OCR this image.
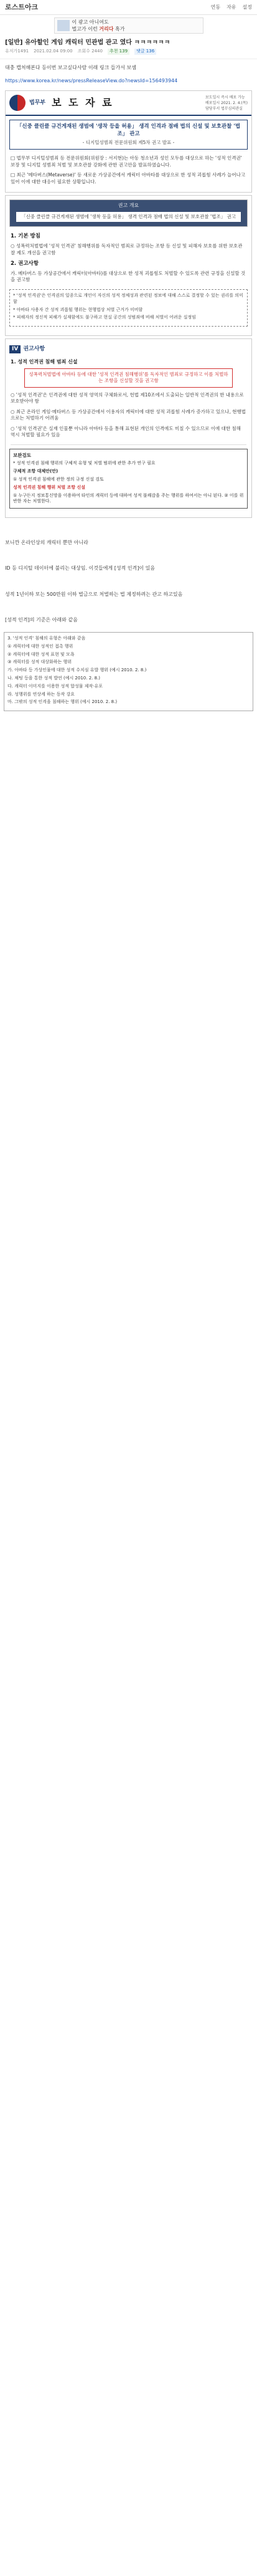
로스트아크	연동 자유 설정
이 광고 아니여도
벌고가 이런 거리다 혹가
[일반] 유아할인 게임 캐릭터 민관법 관고 였다 ㅋㅋㅋㅋㅋㅋ
유저가1491 2021.02.04 09:00 조회수 2440	추천 139	댓글 136
대충 캡처해본다 등이번 보고싶다사람 이래 링크 들가서 보셈
https://www.korea.kr/news/pressReleaseView.do?newsId=156493944
법무부 보 도 자 료	보도일시 즉시 배포 가능
배포일시 2021. 2. 4.(목)
담당부서 법무심의관실
「신중 클린클 규건게재된 생범에 '생착 등을 허용」 생격 인격과 점배 법의 신설 및 보호관찰 '법조」 관고
- 디지털성범죄 전문위원회 제5차 권고 발표 -
□ 법무부 디지털성범죄 등 전문위원회(위원장 : 서지현)는 아동 청소년과 성인 모두를 대상으로 하는 '성적 인격권' 보장 및 디지털 성범죄 처벌 및 보호관찰 강화에 관한 권고안을 발표하였습니다.
□ 최근 '메타버스(Metaverse)' 등 새로운 가상공간에서 캐릭터 아바타를 대상으로 한 성적 괴롭힘 사례가 늘어나고 있어 이에 대한 대응이 필요한 상황입니다.
권고 개요
「신중 클린클 규건게재된 생범에 '생착 등을 허용」 생격 인격과 점배 법의 신설 및 보호관찰 '법조」 권고
1. 기본 방침
○ 성폭력처벌법에 '성적 인격권' 침해행위를 독자적인 범죄로 규정하는 조항 등 신설 및 피해자 보호를 위한 보호관찰 제도 개선을 권고함
2. 권고사항
가. 메타버스 등 가상공간에서 캐릭터(아바타)를 대상으로 한 성적 괴롭힘도 처벌할 수 있도록 관련 규정을 신설할 것을 권고함

* '성적 인격권'은 인격권의 일종으로 개인이 자신의 성적 정체성과 관련된 정보에 대해 스스로 결정할 수 있는 권리를 의미함

* 아바타 사용자 간 성적 괴롭힘 행위는 현행법상 처벌 근거가 미비함

* 피해자의 정신적 피해가 실재함에도 불구하고 현실 공간의 성범죄에 비해 처벌이 어려운 실정임

IV 권고사항
1. 성적 인격권 침해 범죄 신설
성폭력처벌법에 아바타 등에 대한 '성적 인격권 침해행위'를 독자적인 범죄로 규정하고 이를 처벌하는 조항을 신설할 것을 권고함
○ '성적 인격권'은 인격권에 대한 성적 영역의 구체화로서, 헌법 제10조에서 도출되는 일반적 인격권의 한 내용으로 보호받아야 함
○ 최근 온라인 게임·메타버스 등 가상공간에서 이용자의 캐릭터에 대한 성적 괴롭힘 사례가 증가하고 있으나, 현행법으로는 처벌하기 어려움
○ '성적 인격권'은 실재 인물뿐 아니라 아바타 등을 통해 표현된 개인의 인격에도 미칠 수 있으므로 이에 대한 침해 역시 처벌할 필요가 있음
보완검토
* 성적 인격권 침해 행위의 구체적 유형 및 처벌 범위에 관한 추가 연구 필요
구체적 조항 대체안(안)
① 성적 인격권 침해에 관한 정의 규정 신설 검토
성적 인격권 침해 행위 처벌 조항 신설
① 누구든지 정보통신망을 이용하여 타인의 캐릭터 등에 대하여 성적 불쾌감을 주는 행위를 하여서는 아니 된다. ② 이를 위반한 자는 처벌한다.
보니깐 온라인상의 캐릭터 뿐만 아니라
ID 등 디지털 데이터에 불리는 대상임. 이것들에게 [성적 인격]이 있음
성적 1년이하 또는 500만원 이하 벌금으로 처벌하는 법 제정하려는 관고 하고있음
[성적 인격]의 기준은 아래와 같음

3. '성적 인격' 침해의 유형은 아래와 같음

① 캐릭터에 대한 성적인 접촉 행위

② 캐릭터에 대한 성적 표현 및 모욕

③ 캐릭터를 성적 대상화하는 행위

가. 아바타 등 가상인물에 대한 성적 수치심 유발 행위 (예시 2010. 2. 8.)

나. 채팅 등을 통한 성적 발언 (예시 2010. 2. 8.)

다. 캐릭터 이미지를 이용한 성적 합성물 제작·유포

라. 성행위를 연상케 하는 동작 강요

마. 그밖의 성적 인격을 침해하는 행위 (예시 2010. 2. 8.)
